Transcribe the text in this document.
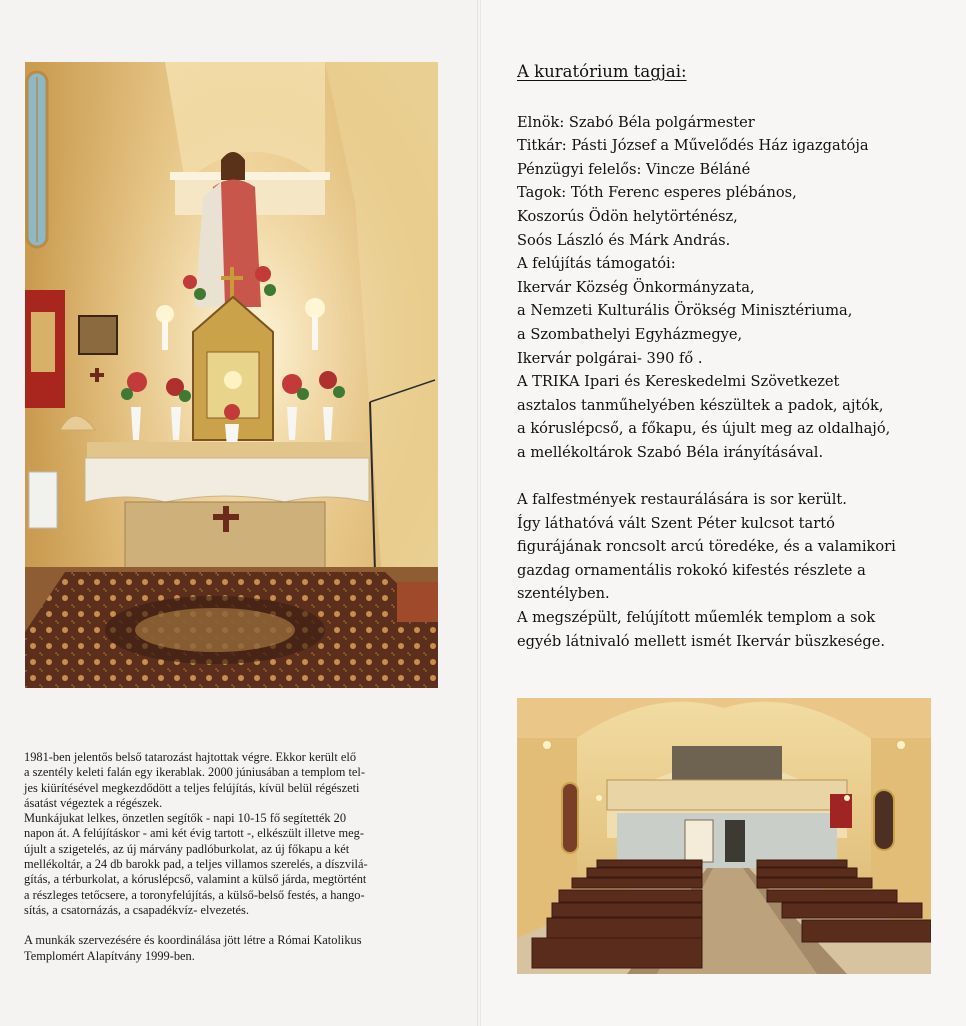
1981-ben jelentős belső tatarozást hajtottak végre. Ekkor került elő
a szentély keleti falán egy ikerablak. 2000 júniusában a templom tel-
jes kiürítésével megkezdődött a teljes felújítás, kívül belül régészeti
ásatást végeztek a régészek.
Munkájukat lelkes, önzetlen segítők - napi 10-15 fő segítették 20
napon át. A felújításkor - ami két évig tartott -, elkészült illetve meg-
újult a szigetelés, az új márvány padlóburkolat, az új főkapu a két
mellékoltár, a 24 db barokk pad, a teljes villamos szerelés, a díszvilá-
gítás, a térburkolat, a kóruslépcső, valamint a külső járda, megtörtént
a részleges tetőcsere, a toronyfelújítás, a külső-belső festés, a hango-
sítás, a csatornázás, a csapadékvíz- elvezetés.

A munkák szervezésére és koordinálása jött létre a Római Katolikus
Templomért Alapítvány 1999-ben.

A kuratórium tagjai:
Elnök: Szabó Béla polgármester
Titkár: Pásti József a Művelődés Ház igazgatója
Pénzügyi felelős: Vincze Béláné
Tagok: Tóth Ferenc esperes plébános,
Koszorús Ödön helytörténész,
Soós László és Márk András.
A felújítás támogatói:
Ikervár Község Önkormányzata,
a Nemzeti Kulturális Örökség Minisztériuma,
a Szombathelyi Egyházmegye,
Ikervár polgárai- 390 fő .
A TRIKA Ipari és Kereskedelmi Szövetkezet
asztalos tanműhelyében készültek a padok, ajtók,
a kóruslépcső, a főkapu, és újult meg az oldalhajó,
a mellékoltárok Szabó Béla irányításával.
A falfestmények restaurálására is sor került.
Így láthatóvá vált Szent Péter kulcsot tartó
figurájának roncsolt arcú töredéke, és a valamikori
gazdag ornamentális rokokó kifestés részlete a
szentélyben.
A megszépült, felújított műemlék templom a sok
egyéb látnivaló mellett ismét Ikervár büszkesége.
